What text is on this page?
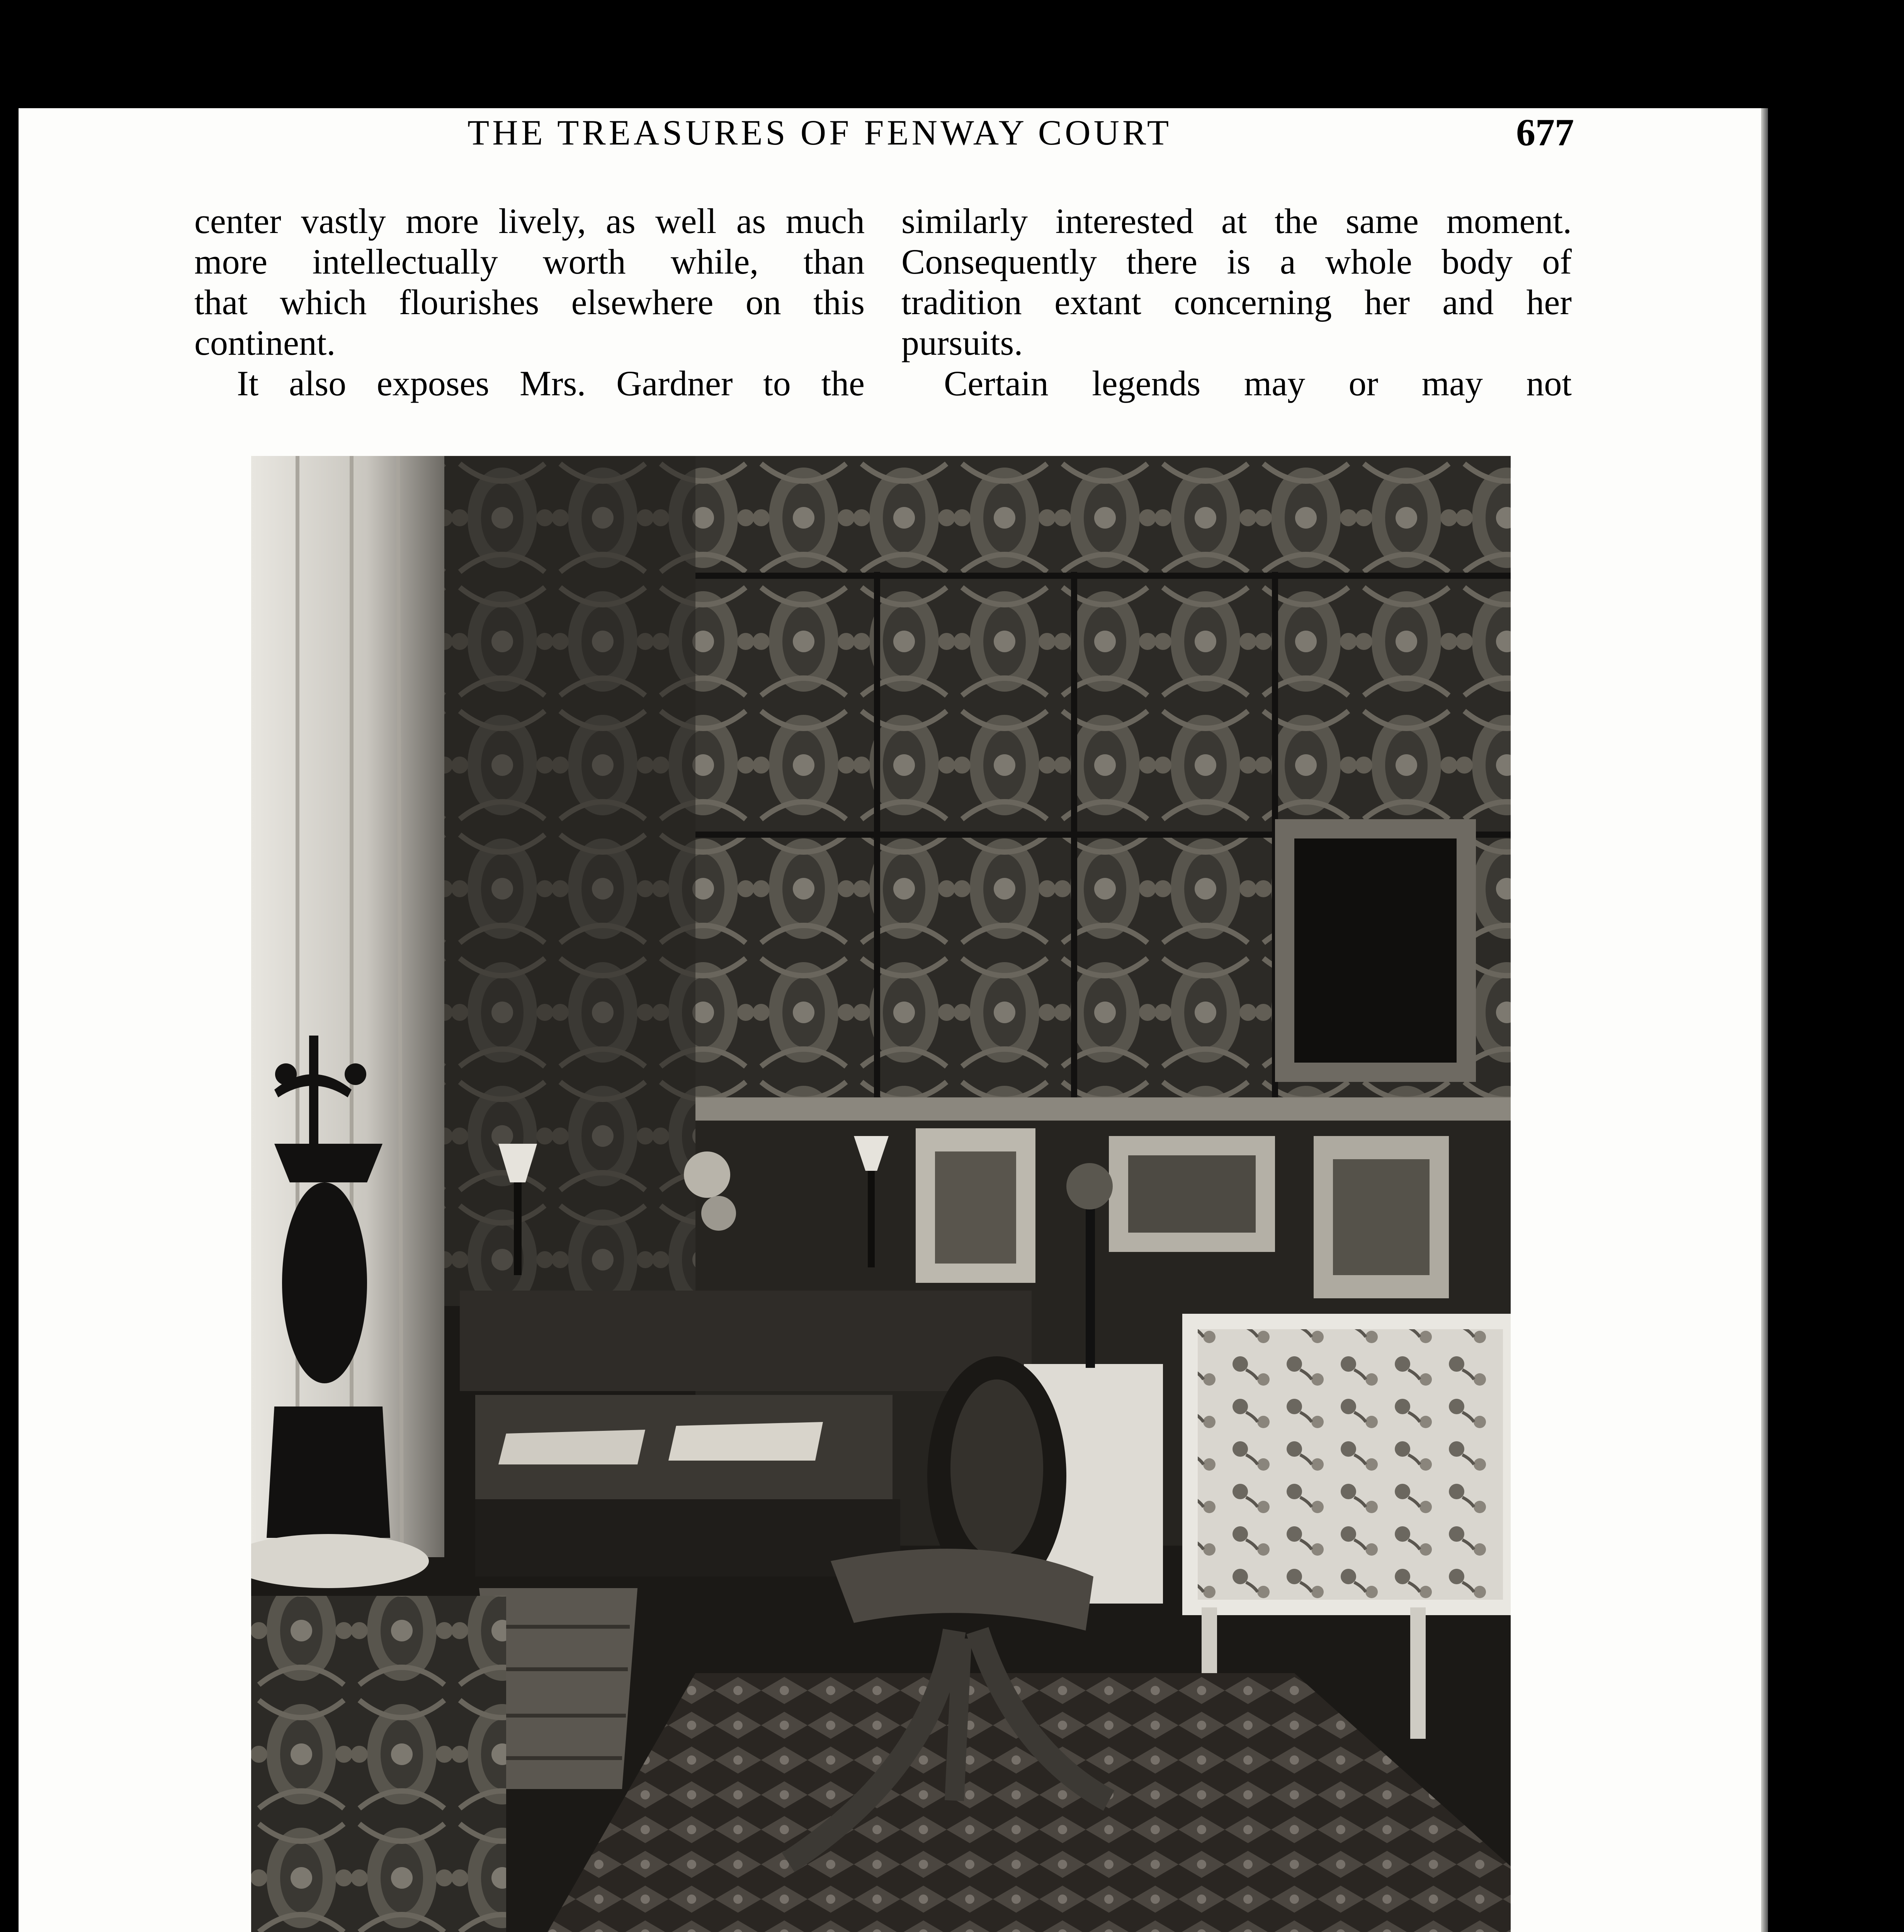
THE TREASURES OF FENWAY COURT	677

center vastly more lively, as well as much

more intellectually worth while, than

that which flourishes elsewhere on this

continent.

It also exposes Mrs. Gardner to the

similarly interested at the same moment.

Consequently there is a whole body of

tradition extant concerning her and her

pursuits.

Certain legends may or may not
